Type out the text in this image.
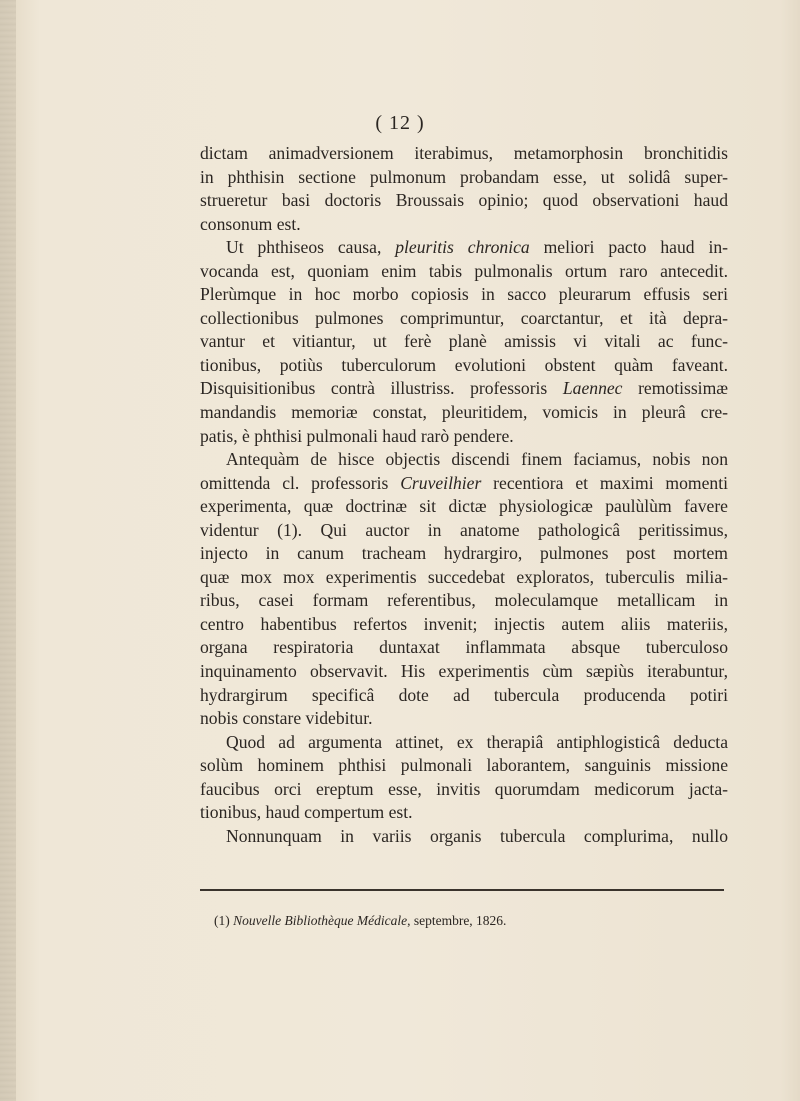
( 12 )
dictam animadversionem iterabimus, metamorphosin bronchitidis
in phthisin sectione pulmonum probandam esse, ut solidâ super-
strueretur basi doctoris Broussais opinio; quod observationi haud
consonum est.
Ut phthiseos causa, pleuritis chronica meliori pacto haud in-
vocanda est, quoniam enim tabis pulmonalis ortum raro antecedit.
Plerùmque in hoc morbo copiosis in sacco pleurarum effusis seri
collectionibus pulmones comprimuntur, coarctantur, et ità depra-
vantur et vitiantur, ut ferè planè amissis vi vitali ac func-
tionibus, potiùs tuberculorum evolutioni obstent quàm faveant.
Disquisitionibus contrà illustriss. professoris Laennec remotissimæ
mandandis memoriæ constat, pleuritidem, vomicis in pleurâ cre-
patis, è phthisi pulmonali haud rarò pendere.
Antequàm de hisce objectis discendi finem faciamus, nobis non
omittenda cl. professoris Cruveilhier recentiora et maximi momenti
experimenta, quæ doctrinæ sit dictæ physiologicæ paulùlùm favere
videntur (1). Qui auctor in anatome pathologicâ peritissimus,
injecto in canum tracheam hydrargiro, pulmones post mortem
quæ mox mox experimentis succedebat exploratos, tuberculis milia-
ribus, casei formam referentibus, moleculamque metallicam in
centro habentibus refertos invenit; injectis autem aliis materiis,
organa respiratoria duntaxat inflammata absque tuberculoso
inquinamento observavit. His experimentis cùm sæpiùs iterabuntur,
hydrargirum specificâ dote ad tubercula producenda potiri
nobis constare videbitur.
Quod ad argumenta attinet, ex therapiâ antiphlogisticâ deducta
solùm hominem phthisi pulmonali laborantem, sanguinis missione
faucibus orci ereptum esse, invitis quorumdam medicorum jacta-
tionibus, haud compertum est.
Nonnunquam in variis organis tubercula complurima, nullo
(1) Nouvelle Bibliothèque Médicale, septembre, 1826.
